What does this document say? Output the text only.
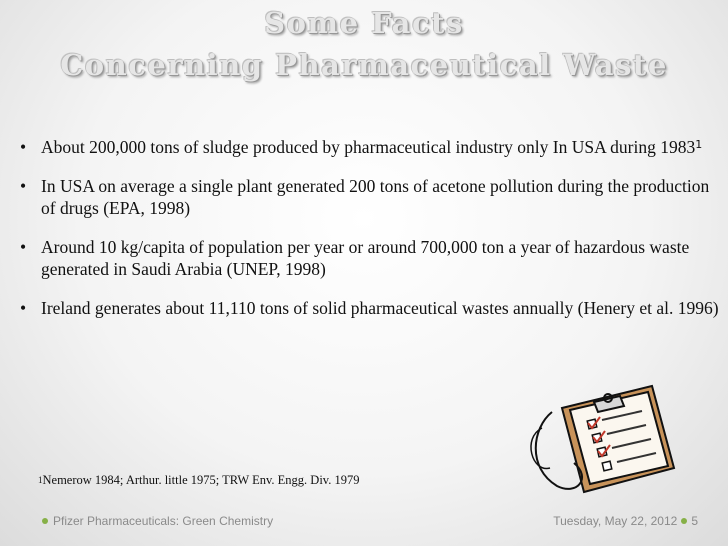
Some Facts
Concerning Pharmaceutical Waste
• About 200,000 tons of sludge produced by pharmaceutical industry only In USA during 1983$^1$
• In USA on average a single plant generated 200 tons of acetone pollution during the production of drugs (EPA, 1998)
• Around 10 kg/capita of population per year or around 700,000 ton a year of hazardous waste generated in Saudi Arabia (UNEP, 1998)
• Ireland generates about 11,110 tons of solid pharmaceutical wastes annually (Henery et al. 1996)
$^1$Nemerow 1984; Arthur. little 1975; TRW Env. Engg. Div. 1979
Pfizer Pharmaceuticals: Green Chemistry	Tuesday, May 22, 2012 5
